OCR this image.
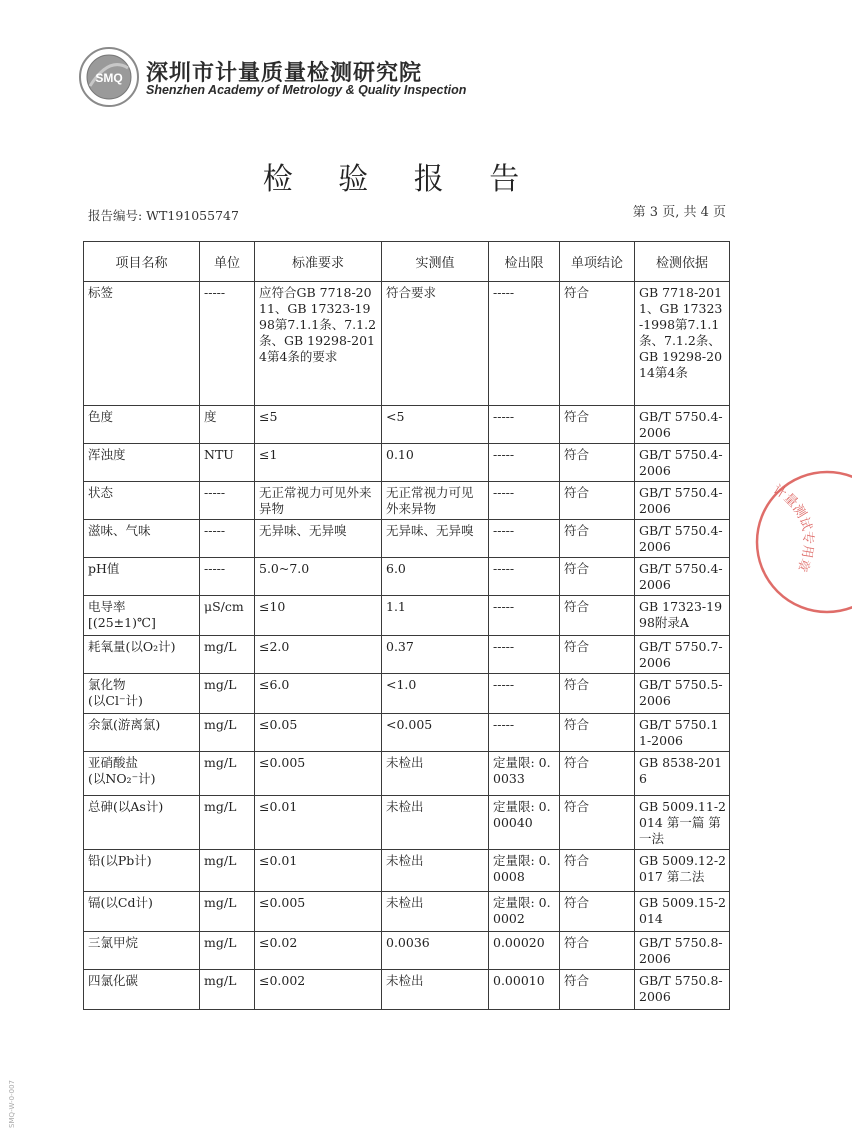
SMQ 深圳市计量质量检测研究院
Shenzhen Academy of Metrology & Quality Inspection
检 验 报 告
报告编号: WT191055747	第 3 页, 共 4 页
项目名称	单位	标准要求	实测值	检出限	单项结论	检测依据
标签	-----	应符合GB 7718-2011、GB 17323-1998第7.1.1条、7.1.2条、GB 19298-2014第4条的要求	符合要求	-----	符合	GB 7718-2011、GB 17323-1998第7.1.1条、7.1.2条、GB 19298-2014第4条
色度	度	≤5	<5	-----	符合	GB/T 5750.4-2006
浑浊度	NTU	≤1	0.10	-----	符合	GB/T 5750.4-2006
状态	-----	无正常视力可见外来异物	无正常视力可见外来异物	-----	符合	GB/T 5750.4-2006
滋味、气味	-----	无异味、无异嗅	无异味、无异嗅	-----	符合	GB/T 5750.4-2006
pH值	-----	5.0~7.0	6.0	-----	符合	GB/T 5750.4-2006
电导率
[(25±1)℃]	μS/cm	≤10	1.1	-----	符合	GB 17323-1998附录A
耗氧量(以O₂计)	mg/L	≤2.0	0.37	-----	符合	GB/T 5750.7-2006
氯化物
(以Cl⁻计)	mg/L	≤6.0	<1.0	-----	符合	GB/T 5750.5-2006
余氯(游离氯)	mg/L	≤0.05	<0.005	-----	符合	GB/T 5750.11-2006
亚硝酸盐
(以NO₂⁻计)	mg/L	≤0.005	未检出	定量限: 0.0033	符合	GB 8538-2016
总砷(以As计)	mg/L	≤0.01	未检出	定量限: 0.00040	符合	GB 5009.11-2014 第一篇 第一法
铅(以Pb计)	mg/L	≤0.01	未检出	定量限: 0.0008	符合	GB 5009.12-2017 第二法
镉(以Cd计)	mg/L	≤0.005	未检出	定量限: 0.0002	符合	GB 5009.15-2014
三氯甲烷	mg/L	≤0.02	0.0036	0.00020	符合	GB/T 5750.8-2006
四氯化碳	mg/L	≤0.002	未检出	0.00010	符合	GB/T 5750.8-2006
计量测试专用章
SMQ-W-0-007
